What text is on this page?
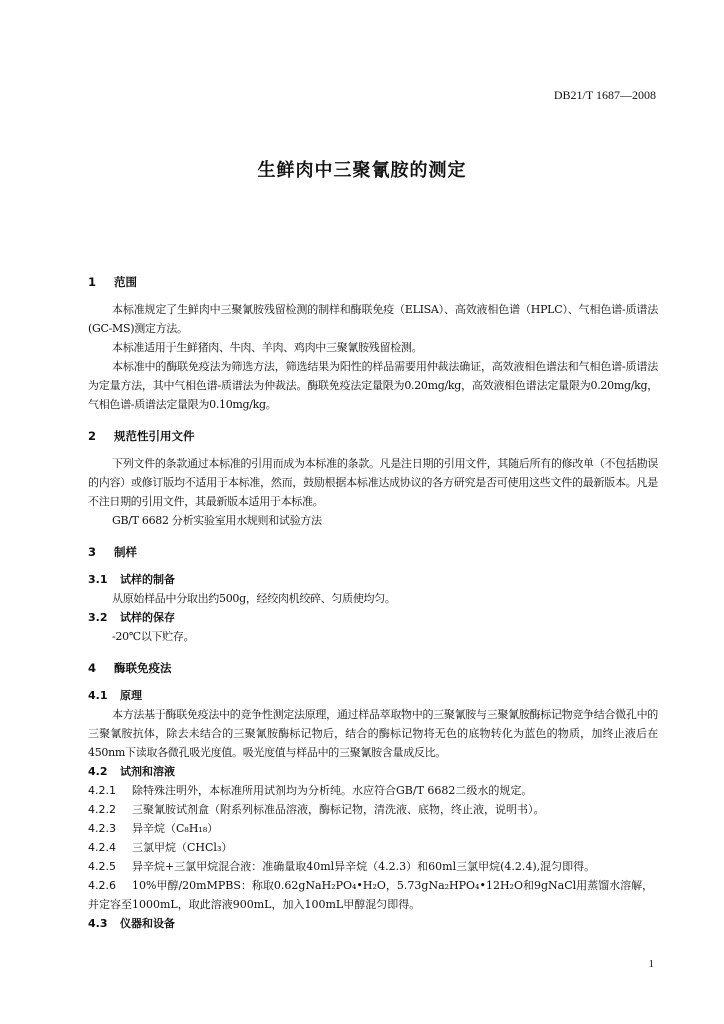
DB21/T 1687—2008
生鲜肉中三聚氰胺的测定
1 范围

本标准规定了生鲜肉中三聚氰胺残留检测的制样和酶联免疫（ELISA）、高效液相色谱（HPLC）、气相色谱-质谱法(GC-MS)测定方法。

本标准适用于生鲜猪肉、牛肉、羊肉、鸡肉中三聚氰胺残留检测。

本标准中的酶联免疫法为筛选方法，筛选结果为阳性的样品需要用仲裁法确证，高效液相色谱法和气相色谱-质谱法为定量方法，其中气相色谱-质谱法为仲裁法。酶联免疫法定量限为0.20mg/kg，高效液相色谱法定量限为0.20mg/kg，气相色谱-质谱法定量限为0.10mg/kg。

2 规范性引用文件

下列文件的条款通过本标准的引用而成为本标准的条款。凡是注日期的引用文件，其随后所有的修改单（不包括勘误的内容）或修订版均不适用于本标准，然而，鼓励根据本标准达成协议的各方研究是否可使用这些文件的最新版本。凡是不注日期的引用文件，其最新版本适用于本标准。

GB/T 6682 分析实验室用水规则和试验方法

3 制样
3.1 试样的制备

从原始样品中分取出约500g，经绞肉机绞碎、匀质使均匀。

3.2 试样的保存

-20℃以下贮存。

4 酶联免疫法
4.1 原理

本方法基于酶联免疫法中的竞争性测定法原理，通过样品萃取物中的三聚氰胺与三聚氰胺酶标记物竞争结合微孔中的三聚氰胺抗体，除去未结合的三聚氰胺酶标记物后，结合的酶标记物将无色的底物转化为蓝色的物质，加终止液后在450nm下读取各微孔吸光度值。吸光度值与样品中的三聚氰胺含量成反比。

4.2 试剂和溶液
4.2.1 除特殊注明外，本标准所用试剂均为分析纯。水应符合GB/T 6682二级水的规定。
4.2.2 三聚氰胺试剂盒（附系列标准品溶液，酶标记物，清洗液、底物，终止液，说明书）。
4.2.3 异辛烷（C₈H₁₈）
4.2.4 三氯甲烷（CHCl₃）
4.2.5 异辛烷+三氯甲烷混合液：准确量取40ml异辛烷（4.2.3）和60ml三氯甲烷(4.2.4),混匀即得。
4.2.6 10%甲醇/20mMPBS：称取0.62gNaH₂PO₄•H₂O，5.73gNa₂HPO₄•12H₂O和9gNaCl用蒸馏水溶解，并定容至1000mL，取此溶液900mL，加入100mL甲醇混匀即得。
4.3 仪器和设备
1
